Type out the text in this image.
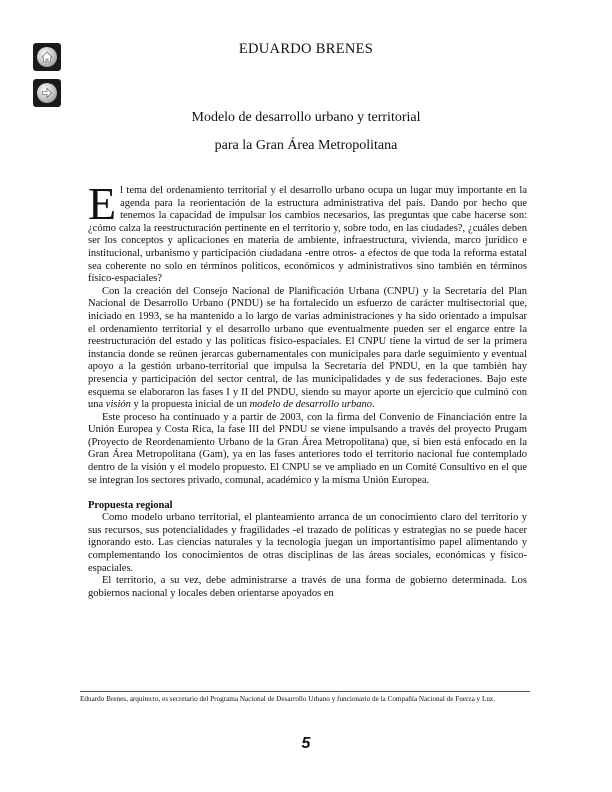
EDUARDO BRENES
Modelo de desarrollo urbano y territorial
para la Gran Área Metropolitana

El tema del ordenamiento territorial y el desarrollo urbano ocupa un lugar muy importante en la agenda para la reorientación de la estructura administrativa del país. Dando por hecho que tenemos la capacidad de impulsar los cambios necesarios, las preguntas que cabe hacerse son: ¿cómo calza la reestructuración pertinente en el territorio y, sobre todo, en las ciudades?, ¿cuáles deben ser los conceptos y aplicaciones en materia de ambiente, infraestructura, vivienda, marco jurídico e institucional, urbanismo y participación ciudadana -entre otros- a efectos de que toda la reforma estatal sea coherente no solo en términos políticos, económicos y administrativos sino también en términos físico-espaciales?

Con la creación del Consejo Nacional de Planificación Urbana (CNPU) y la Secretaría del Plan Nacional de Desarrollo Urbano (PNDU) se ha fortalecido un esfuerzo de carácter multisectorial que, iniciado en 1993, se ha mantenido a lo largo de varias administraciones y ha sido orientado a impulsar el ordenamiento territorial y el desarrollo urbano que eventualmente pueden ser el engarce entre la reestructuración del estado y las políticas físico-espaciales. El CNPU tiene la virtud de ser la primera instancia donde se reúnen jerarcas gubernamentales con municipales para darle seguimiento y eventual apoyo a la gestión urbano-territorial que impulsa la Secretaría del PNDU, en la que también hay presencia y participación del sector central, de las municipalidades y de sus federaciones. Bajo este esquema se elaboraron las fases I y II del PNDU, siendo su mayor aporte un ejercicio que culminó con una visión y la propuesta inicial de un modelo de desarrollo urbano.

Este proceso ha continuado y a partir de 2003, con la firma del Convenio de Financiación entre la Unión Europea y Costa Rica, la fase III del PNDU se viene impulsando a través del proyecto Prugam (Proyecto de Reordenamiento Urbano de la Gran Área Metropolitana) que, si bien está enfocado en la Gran Área Metropolitana (Gam), ya en las fases anteriores todo el territorio nacional fue contemplado dentro de la visión y el modelo propuesto. El CNPU se ve ampliado en un Comité Consultivo en el que se integran los sectores privado, comunal, académico y la misma Unión Europea.

Propuesta regional

Como modelo urbano territorial, el planteamiento arranca de un conocimiento claro del territorio y sus recursos, sus potencialidades y fragilidades -el trazado de políticas y estrategias no se puede hacer ignorando esto. Las ciencias naturales y la tecnología juegan un importantísimo papel alimentando y complementando los conocimientos de otras disciplinas de las áreas sociales, económicas y físico-espaciales.

El territorio, a su vez, debe administrarse a través de una forma de gobierno determinada. Los gobiernos nacional y locales deben orientarse apoyados en

Eduardo Brenes, arquitecto, es secretario del Programa Nacional de Desarrollo Urbano y funcionario de la Compañía Nacional de Fuerza y Luz.

5
